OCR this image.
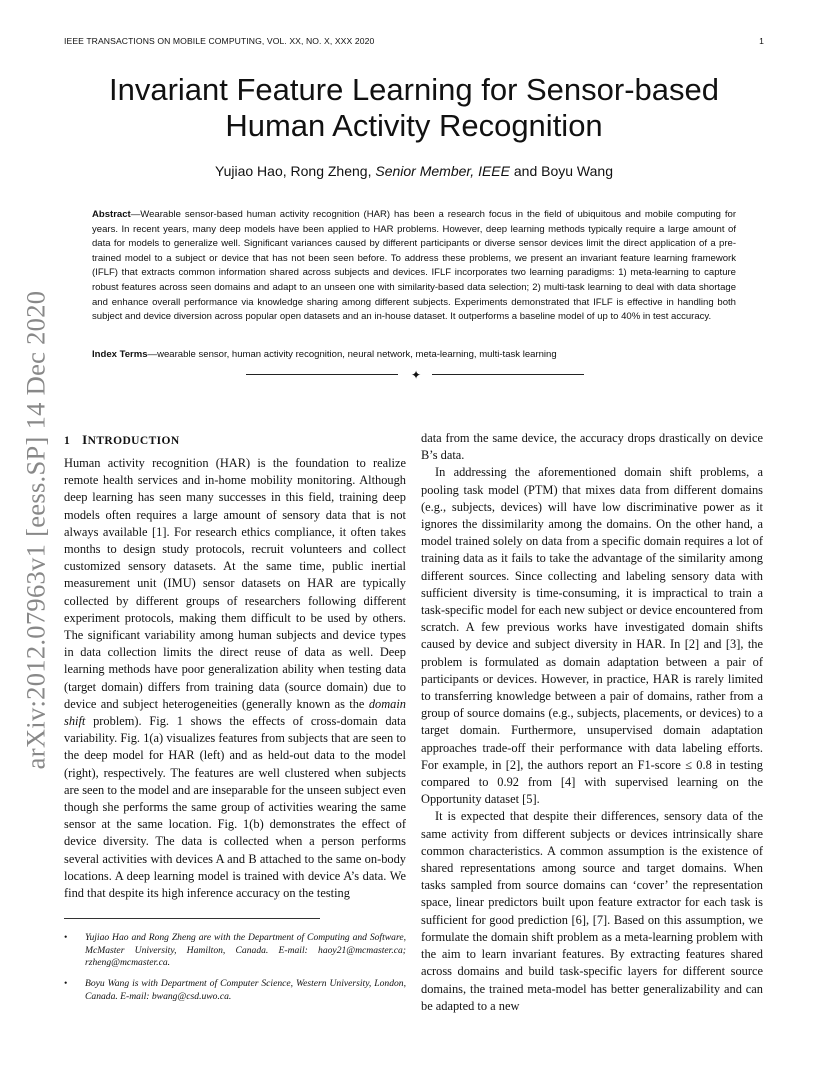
IEEE TRANSACTIONS ON MOBILE COMPUTING, VOL. XX, NO. X, XXX 2020	1
arXiv:2012.07963v1 [eess.SP] 14 Dec 2020
Invariant Feature Learning for Sensor-based
Human Activity Recognition
Yujiao Hao, Rong Zheng, Senior Member, IEEE and Boyu Wang

Abstract—Wearable sensor-based human activity recognition (HAR) has been a research focus in the field of ubiquitous and mobile computing for years. In recent years, many deep models have been applied to HAR problems. However, deep learning methods typically require a large amount of data for models to generalize well. Significant variances caused by different participants or diverse sensor devices limit the direct application of a pre-trained model to a subject or device that has not been seen before. To address these problems, we present an invariant feature learning framework (IFLF) that extracts common information shared across subjects and devices. IFLF incorporates two learning paradigms: 1) meta-learning to capture robust features across seen domains and adapt to an unseen one with similarity-based data selection; 2) multi-task learning to deal with data shortage and enhance overall performance via knowledge sharing among different subjects. Experiments demonstrated that IFLF is effective in handling both subject and device diversion across popular open datasets and an in-house dataset. It outperforms a baseline model of up to 40% in test accuracy.

Index Terms—wearable sensor, human activity recognition, neural network, meta-learning, multi-task learning
✦
1 INTRODUCTION

Human activity recognition (HAR) is the foundation to realize remote health services and in-home mobility monitoring. Although deep learning has seen many successes in this field, training deep models often requires a large amount of sensory data that is not always available [1]. For research ethics compliance, it often takes months to design study protocols, recruit volunteers and collect customized sensory datasets. At the same time, public inertial measurement unit (IMU) sensor datasets on HAR are typically collected by different groups of researchers following different experiment protocols, making them difficult to be used by others. The significant variability among human subjects and device types in data collection limits the direct reuse of data as well. Deep learning methods have poor generalization ability when testing data (target domain) differs from training data (source domain) due to device and subject heterogeneities (generally known as the domain shift problem). Fig. 1 shows the effects of cross-domain data variability. Fig. 1(a) visualizes features from subjects that are seen to the deep model for HAR (left) and as held-out data to the model (right), respectively. The features are well clustered when subjects are seen to the model and are inseparable for the unseen subject even though she performs the same group of activities wearing the same sensor at the same location. Fig. 1(b) demonstrates the effect of device diversity. The data is collected when a person performs several activities with devices A and B attached to the same on-body locations. A deep learning model is trained with device A’s data. We find that despite its high inference accuracy on the testing

data from the same device, the accuracy drops drastically on device B’s data.

In addressing the aforementioned domain shift problems, a pooling task model (PTM) that mixes data from different domains (e.g., subjects, devices) will have low discriminative power as it ignores the dissimilarity among the domains. On the other hand, a model trained solely on data from a specific domain requires a lot of training data as it fails to take the advantage of the similarity among different sources. Since collecting and labeling sensory data with sufficient diversity is time-consuming, it is impractical to train a task-specific model for each new subject or device encountered from scratch. A few previous works have investigated domain shifts caused by device and subject diversity in HAR. In [2] and [3], the problem is formulated as domain adaptation between a pair of participants or devices. However, in practice, HAR is rarely limited to transferring knowledge between a pair of domains, rather from a group of source domains (e.g., subjects, placements, or devices) to a target domain. Furthermore, unsupervised domain adaptation approaches trade-off their performance with data labeling efforts. For example, in [2], the authors report an F1-score ≤ 0.8 in testing compared to 0.92 from [4] with supervised learning on the Opportunity dataset [5].

It is expected that despite their differences, sensory data of the same activity from different subjects or devices intrinsically share common characteristics. A common assumption is the existence of shared representations among source and target domains. When tasks sampled from source domains can ‘cover’ the representation space, linear predictors built upon feature extractor for each task is sufficient for good prediction [6], [7]. Based on this assumption, we formulate the domain shift problem as a meta-learning problem with the aim to learn invariant features. By extracting features shared across domains and build task-specific layers for different source domains, the trained meta-model has better generalizability and can be adapted to a new

• Yujiao Hao and Rong Zheng are with the Department of Computing and Software, McMaster University, Hamilton, Canada. E-mail: haoy21@mcmaster.ca; rzheng@mcmaster.ca.
• Boyu Wang is with Department of Computer Science, Western University, London, Canada. E-mail: bwang@csd.uwo.ca.
